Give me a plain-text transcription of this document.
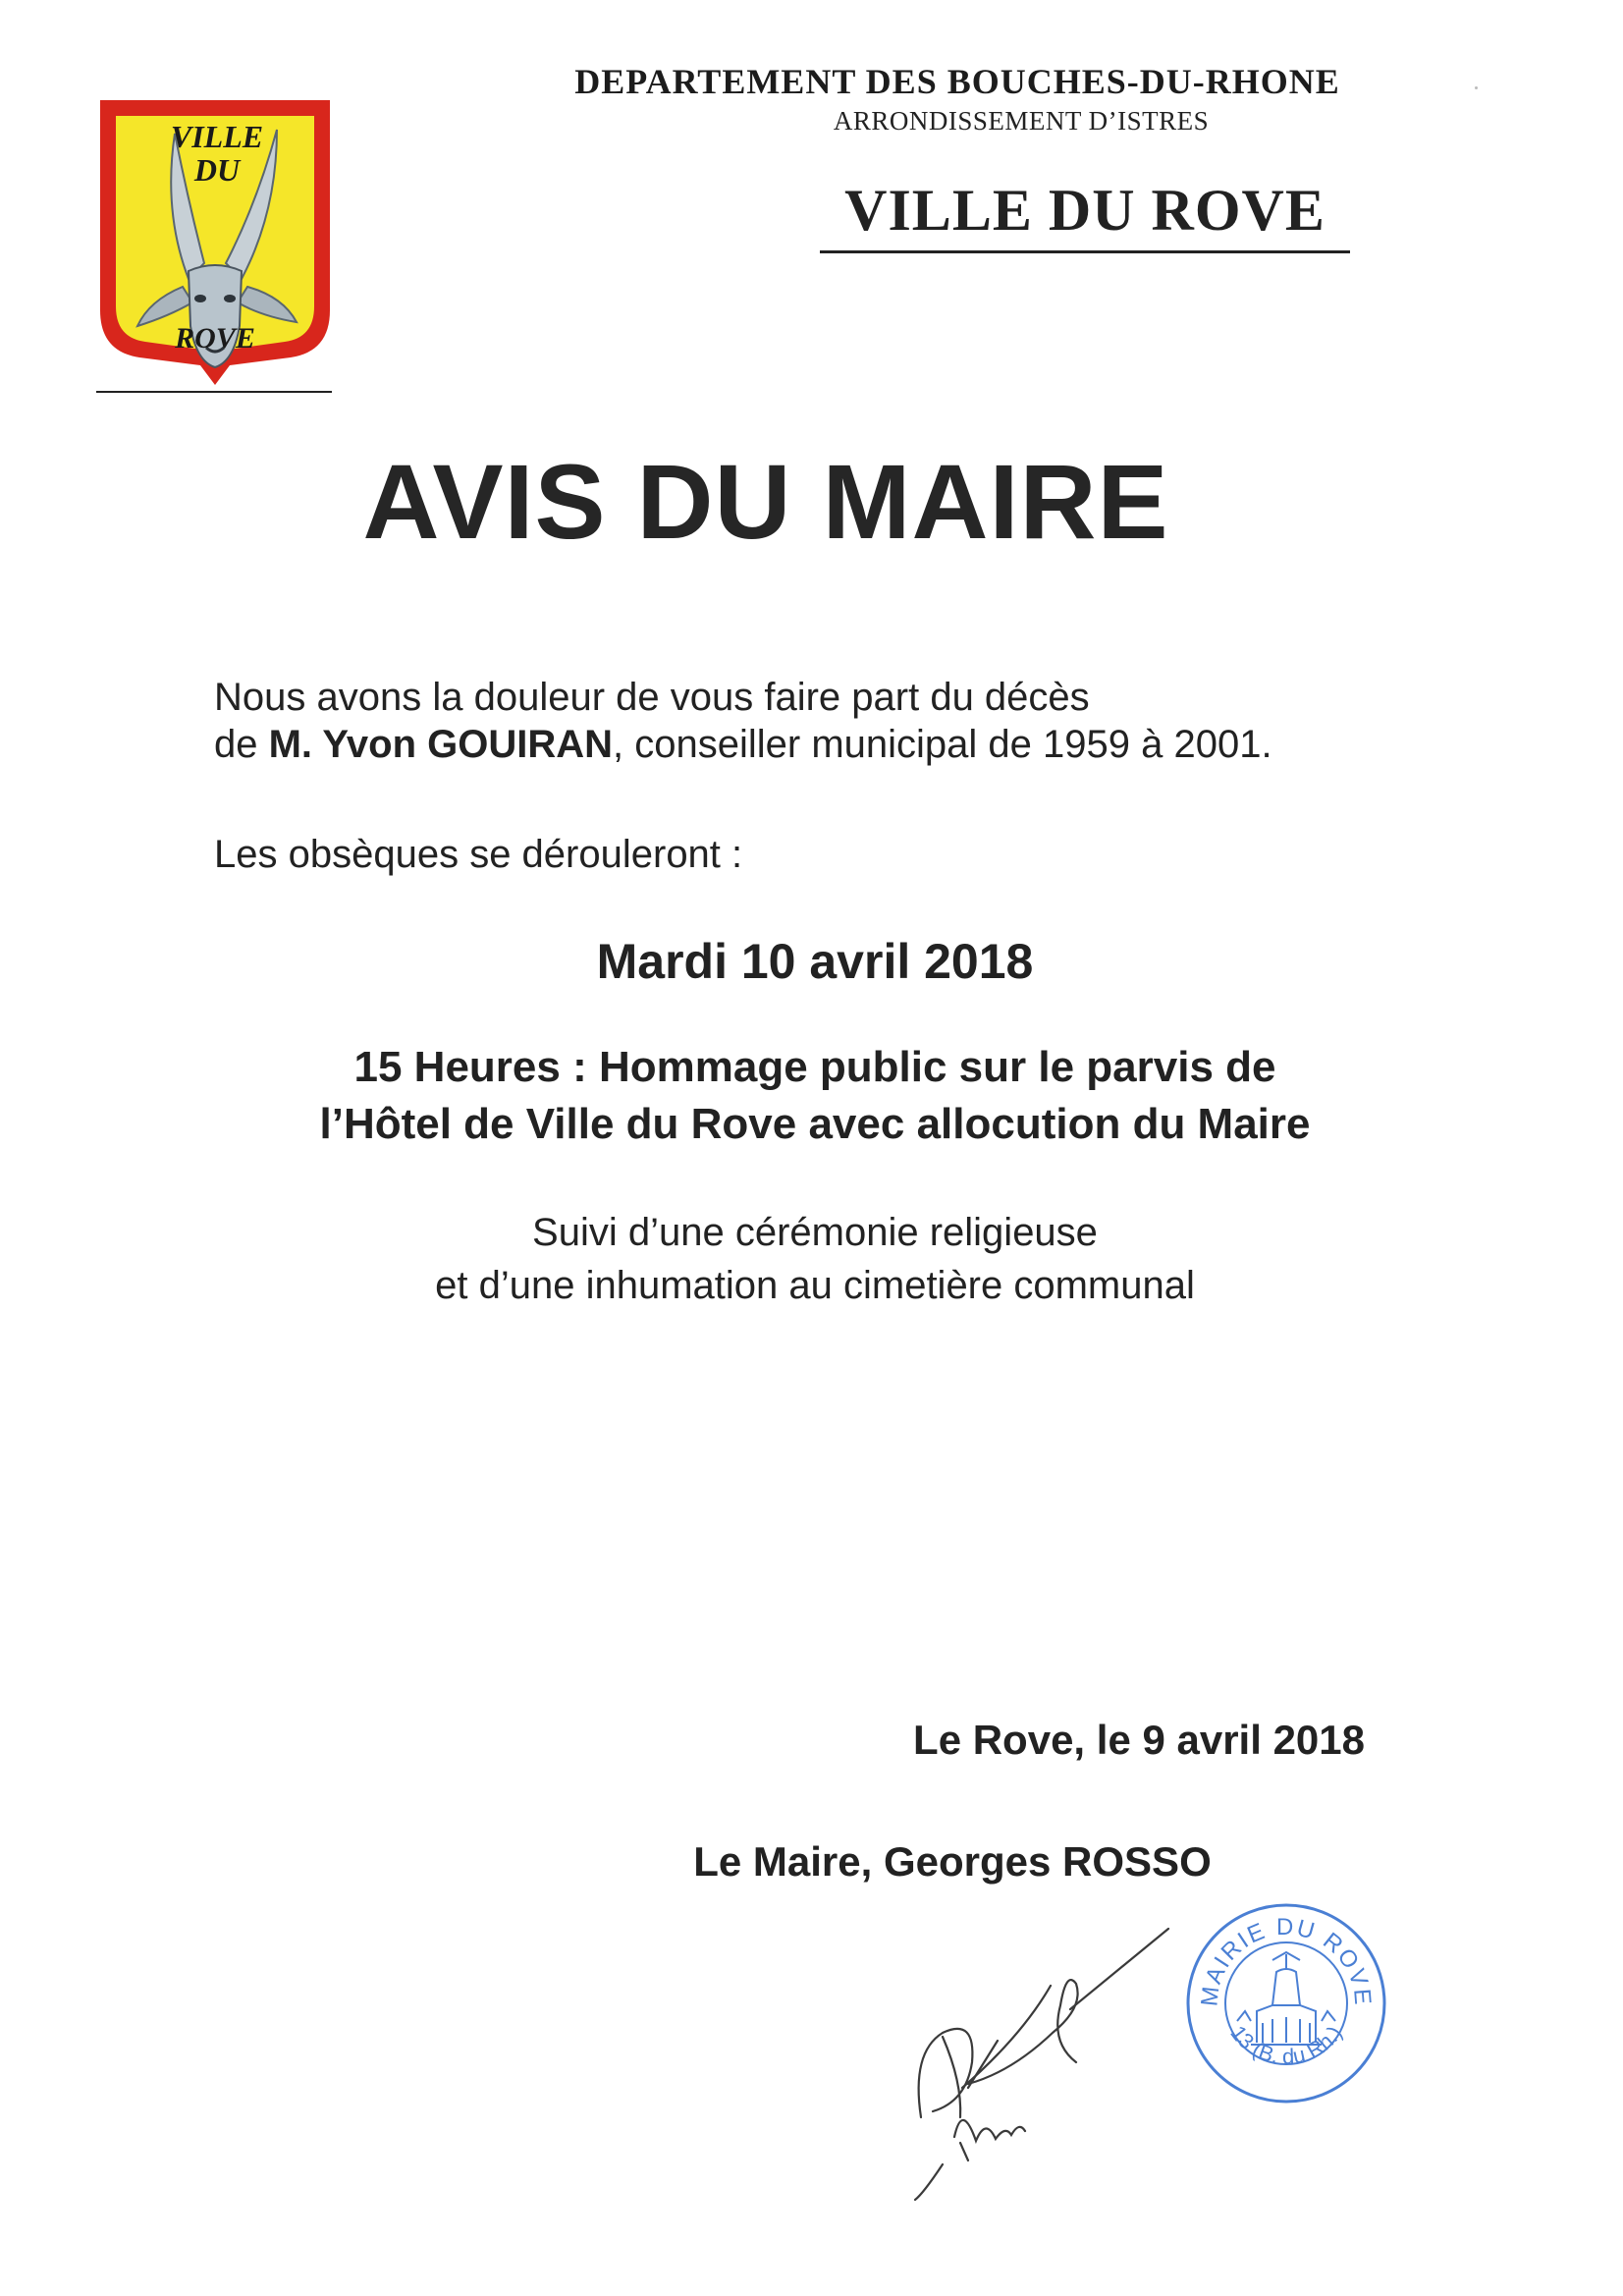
VILLE
DU
ROVE
DEPARTEMENT DES BOUCHES-DU-RHONE
ARRONDISSEMENT D’ISTRES
VILLE DU ROVE
AVIS DU MAIRE
Nous avons la douleur de vous faire part du décès
de M. Yvon GOUIRAN, conseiller municipal de 1959 à 2001.
Les obsèques se dérouleront :
Mardi 10 avril 2018
15 Heures : Hommage public sur le parvis de
l’Hôtel de Ville du Rove avec allocution du Maire
Suivi d’une cérémonie religieuse
et d’une inhumation au cimetière communal
Le Rove, le 9 avril 2018
Le Maire, Georges ROSSO
MAIRIE DU ROVE
13 (B. du Rh.)
